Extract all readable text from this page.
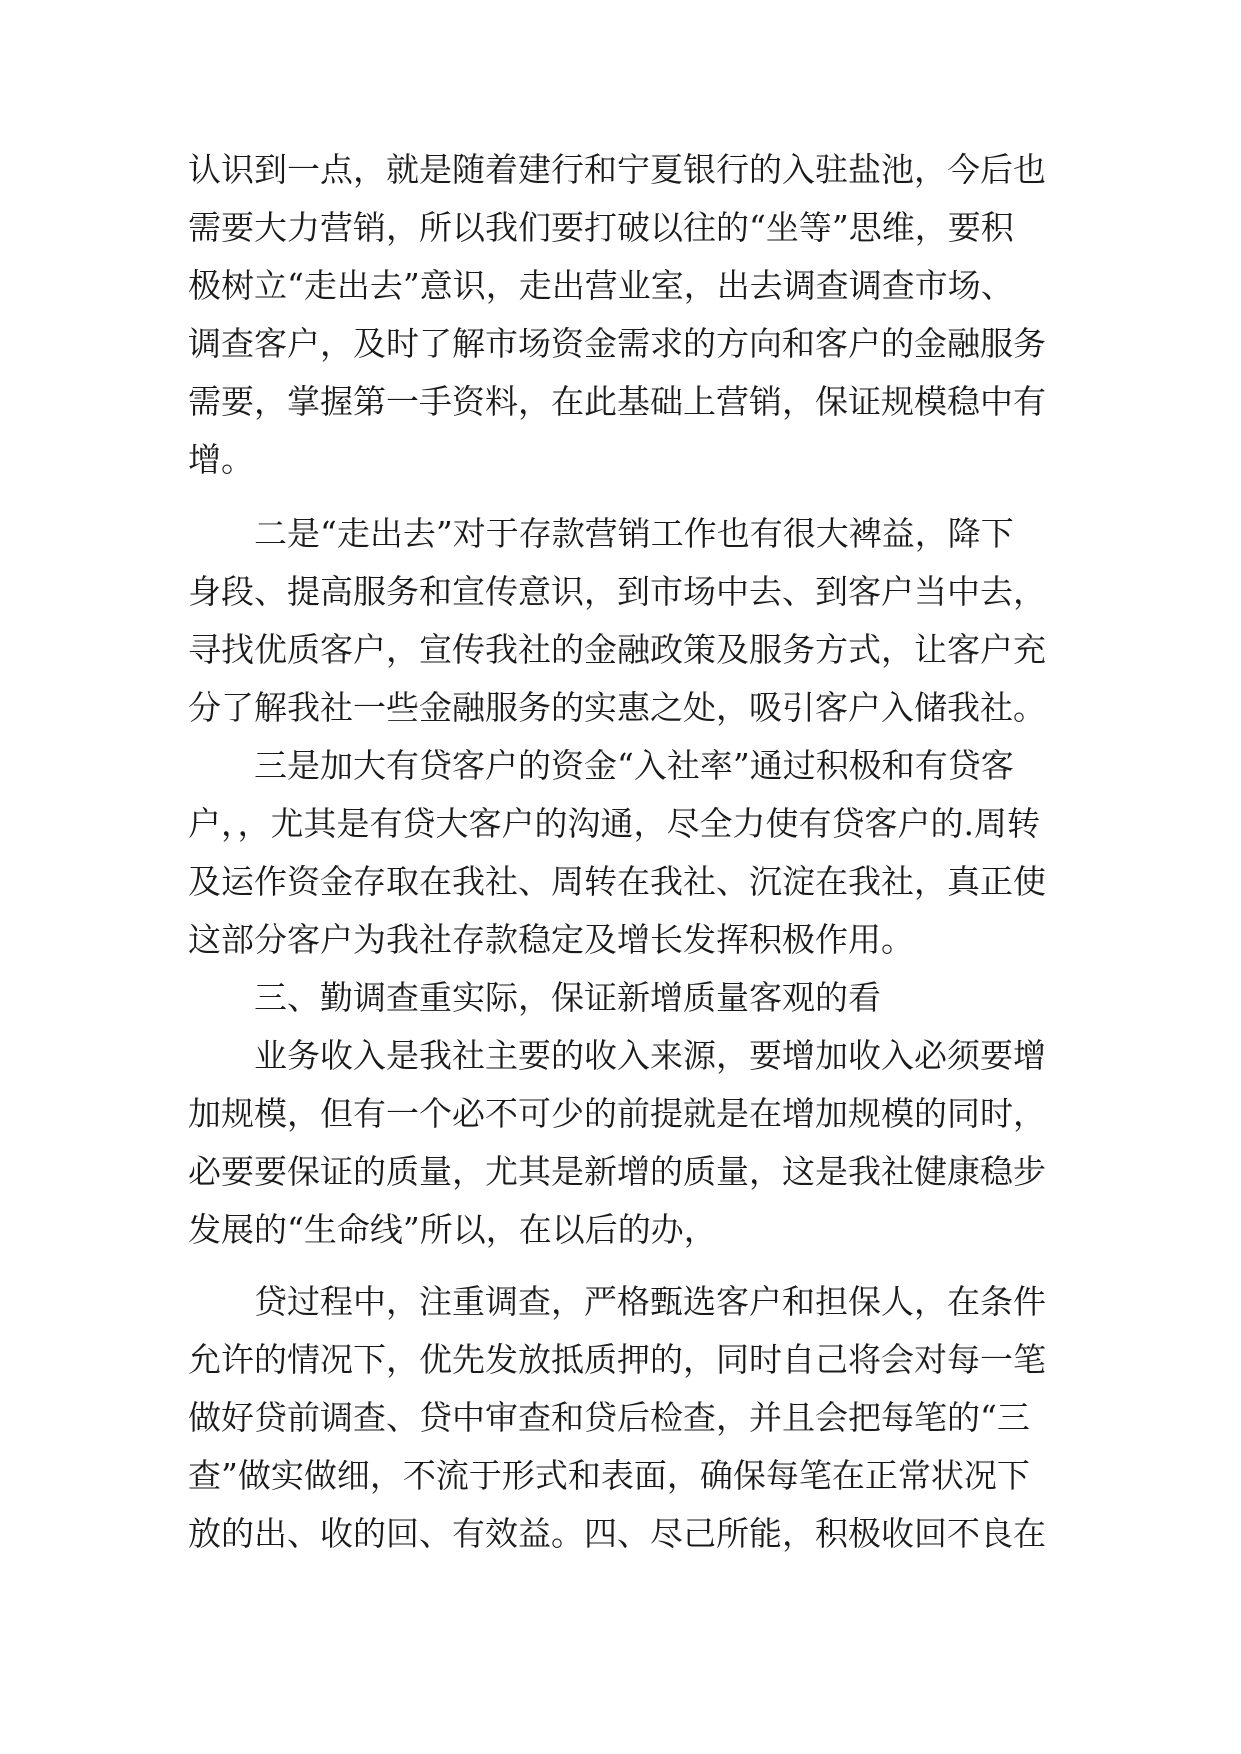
认识到一点，就是随着建行和宁夏银行的入驻盐池，今后也
需要大力营销，所以我们要打破以往的“坐等”思维，要积
极树立“走出去”意识，走出营业室，出去调查调查市场、
调查客户，及时了解市场资金需求的方向和客户的金融服务
需要，掌握第一手资料，在此基础上营销，保证规模稳中有
增。
　　二是“走出去”对于存款营销工作也有很大裨益，降下
身段、提高服务和宣传意识，到市场中去、到客户当中去，
寻找优质客户，宣传我社的金融政策及服务方式，让客户充
分了解我社一些金融服务的实惠之处，吸引客户入储我社。
　　三是加大有贷客户的资金“入社率”通过积极和有贷客
户，，尤其是有贷大客户的沟通，尽全力使有贷客户的.周转
及运作资金存取在我社、周转在我社、沉淀在我社，真正使
这部分客户为我社存款稳定及增长发挥积极作用。
　　三、勤调查重实际，保证新增质量客观的看
　　业务收入是我社主要的收入来源，要增加收入必须要增
加规模，但有一个必不可少的前提就是在增加规模的同时，
必要要保证的质量，尤其是新增的质量，这是我社健康稳步
发展的“生命线”所以，在以后的办，
　　贷过程中，注重调查，严格甄选客户和担保人，在条件
允许的情况下，优先发放抵质押的，同时自己将会对每一笔
做好贷前调查、贷中审查和贷后检查，并且会把每笔的“三
查”做实做细，不流于形式和表面，确保每笔在正常状况下
放的出、收的回、有效益。四、尽己所能，积极收回不良在
